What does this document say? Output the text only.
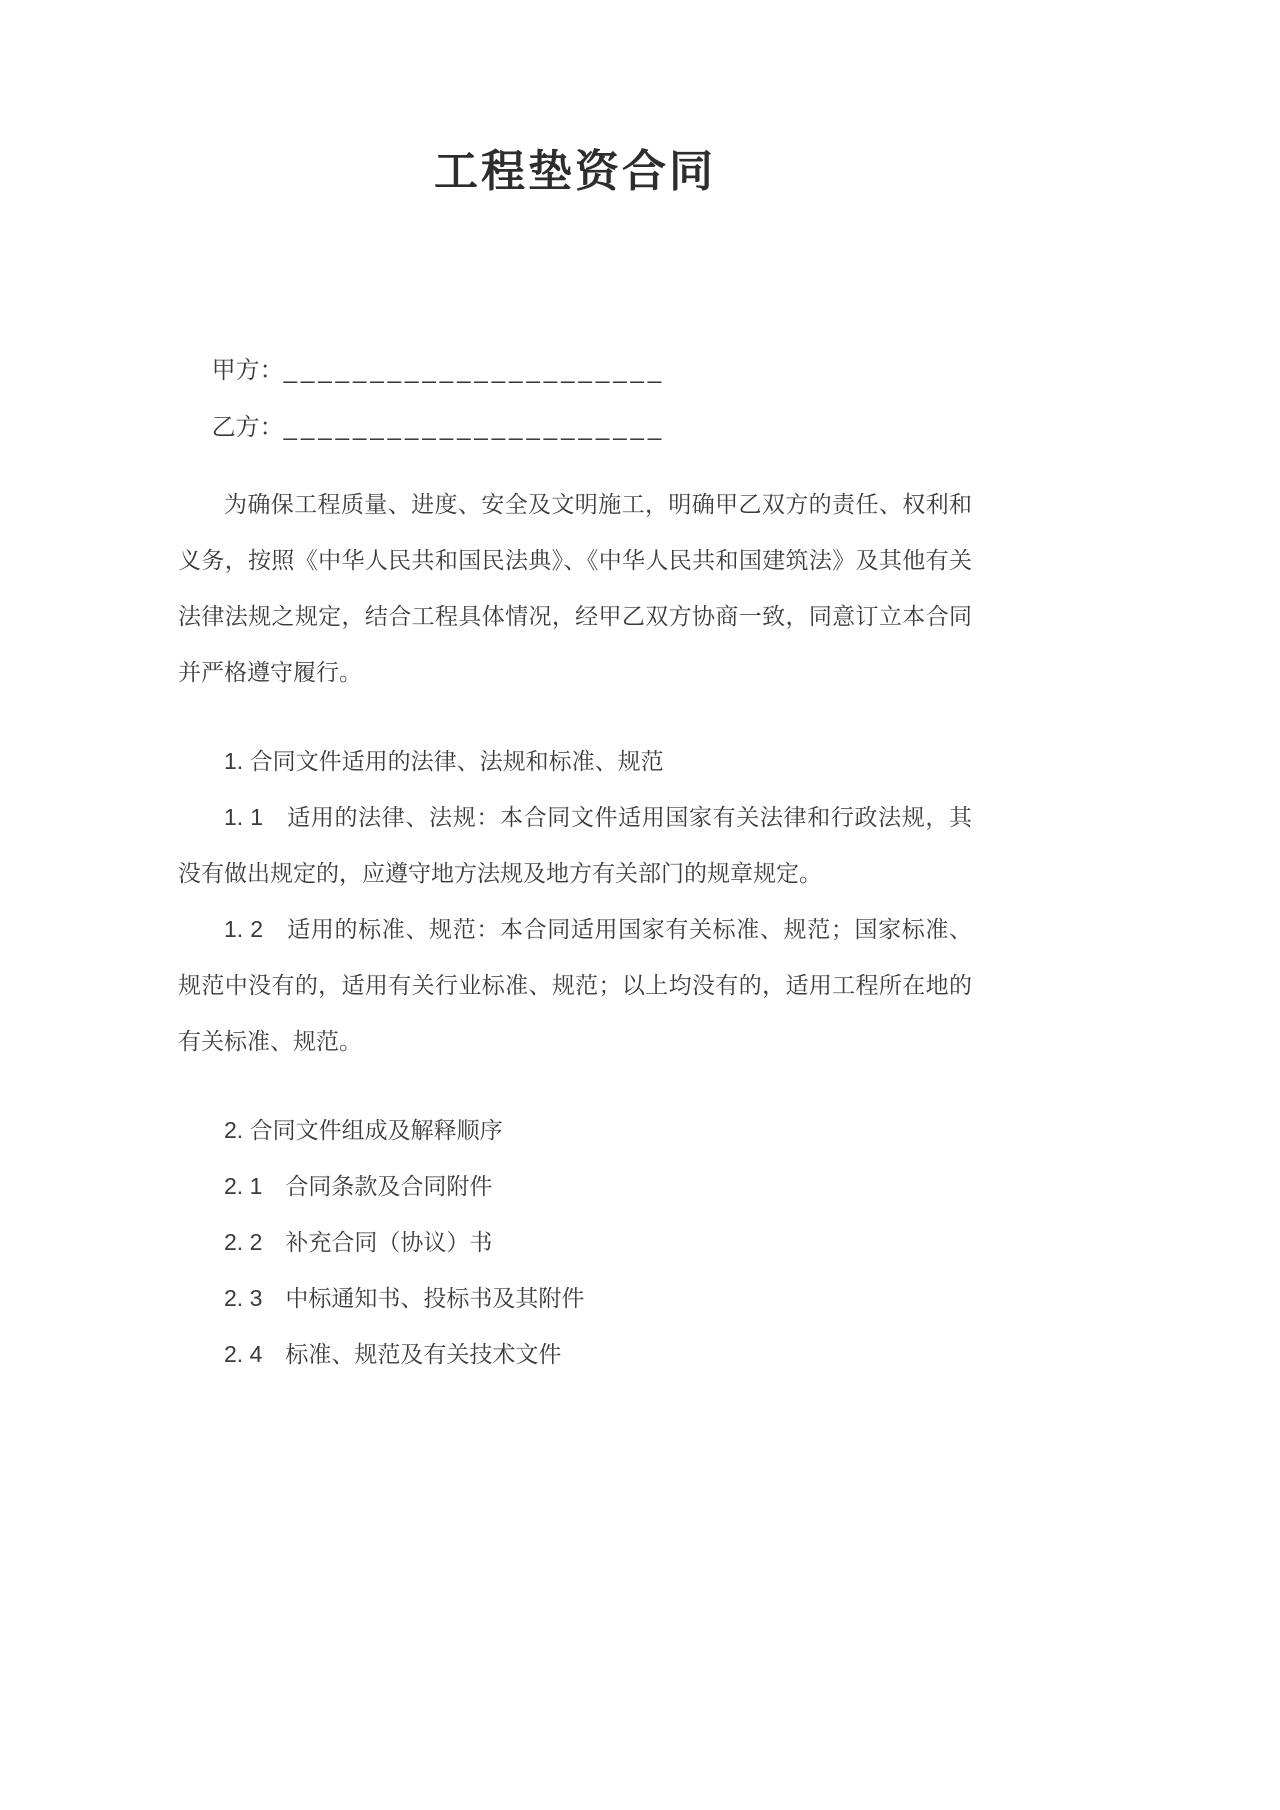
工程垫资合同

甲方：______________________

乙方：______________________

为确保工程质量、进度、安全及文明施工，明确甲乙双方的责任、权利和义务，按照《中华人民共和国民法典》、《中华人民共和国建筑法》及其他有关法律法规之规定，结合工程具体情况，经甲乙双方协商一致，同意订立本合同并严格遵守履行。

1. 合同文件适用的法律、法规和标准、规范

1. 1　适用的法律、法规：本合同文件适用国家有关法律和行政法规，其没有做出规定的，应遵守地方法规及地方有关部门的规章规定。

1. 2　适用的标准、规范：本合同适用国家有关标准、规范；国家标准、规范中没有的，适用有关行业标准、规范；以上均没有的，适用工程所在地的有关标准、规范。

2. 合同文件组成及解释顺序

2. 1　合同条款及合同附件

2. 2　补充合同（协议）书

2. 3　中标通知书、投标书及其附件

2. 4　标准、规范及有关技术文件
